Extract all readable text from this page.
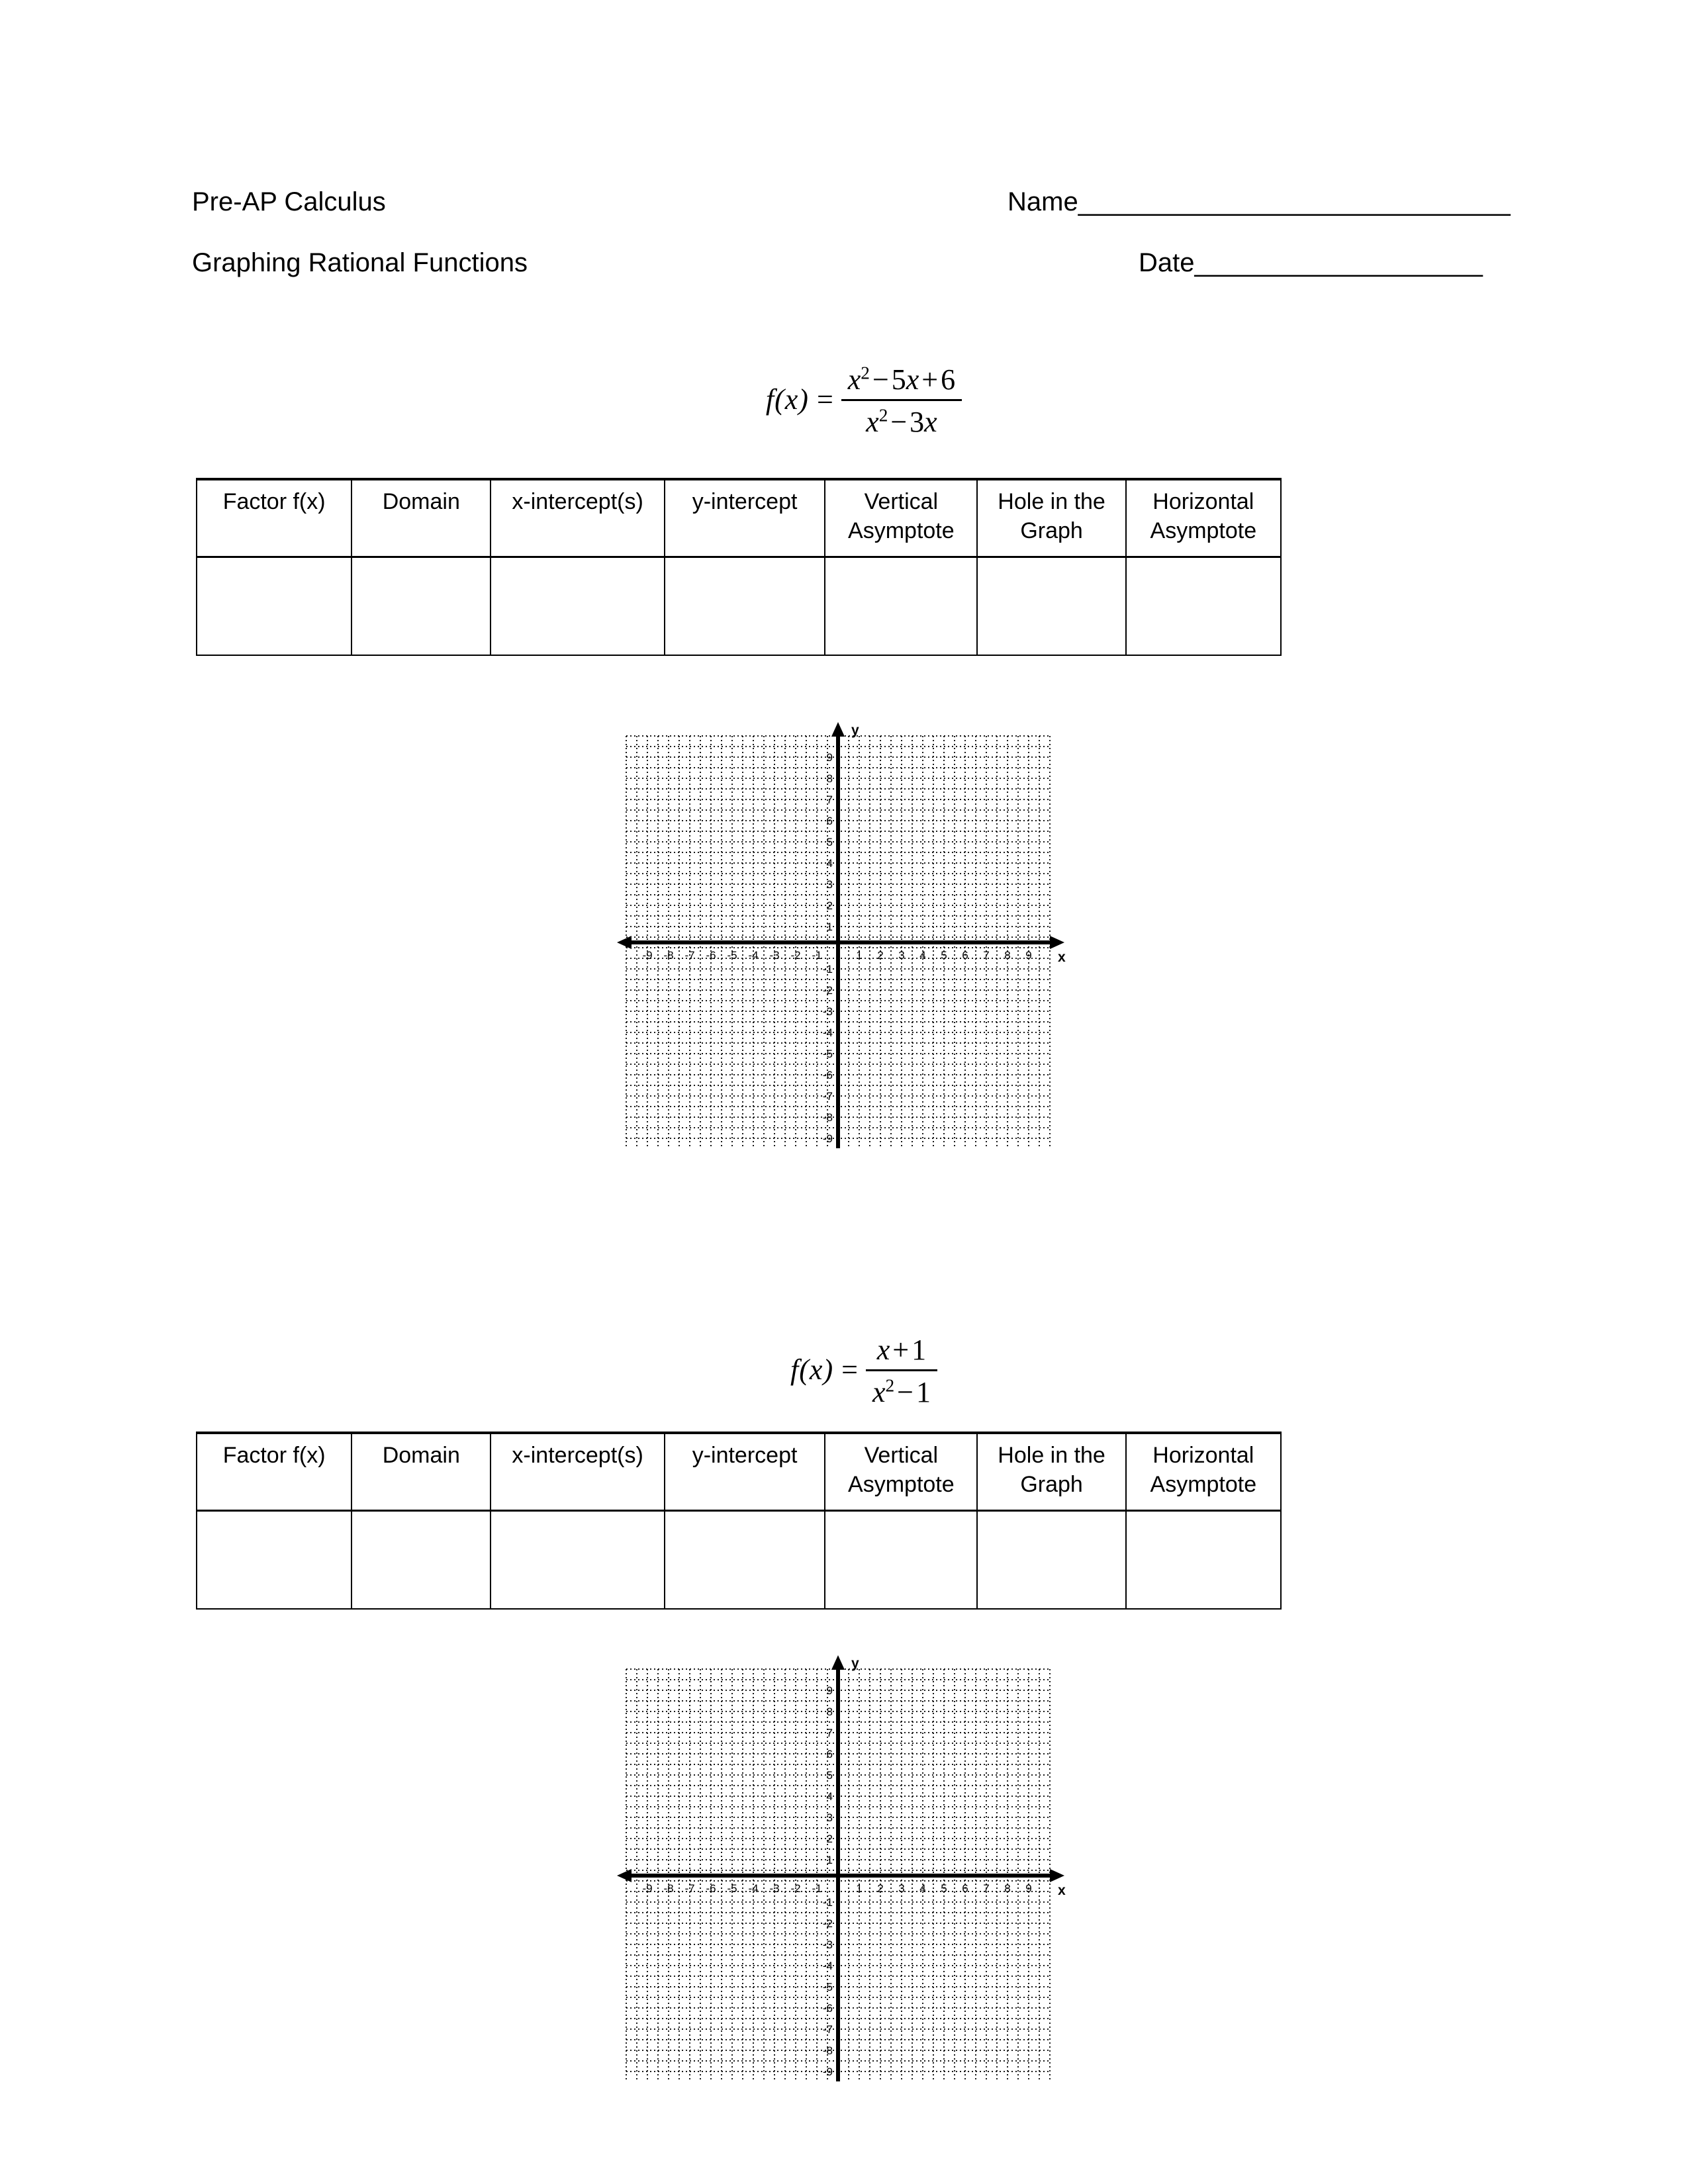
Pre-AP Calculus	Name______________________________
Graphing Rational Functions	Date____________________
$f(x) = \frac{x^2-5x+6}{x^2-3x}$
Factor f(x)	Domain	x-intercept(s)	y-intercept	Vertical Asymptote	Hole in the Graph	Horizontal Asymptote

-9 -8 -7 -6 -5 -4 -3 -2 -1	1 2 3 4 5 6 7 8 9
9
8
7
6
5
4
3
2
1
-1
-2
-3
-4
-5
-6
-7
-8
-9
y
x
$f(x) = \frac{x+1}{x^2-1}$
Factor f(x)	Domain	x-intercept(s)	y-intercept	Vertical Asymptote	Hole in the Graph	Horizontal Asymptote

-9 -8 -7 -6 -5 -4 -3 -2 -1	1 2 3 4 5 6 7 8 9
9
8
7
6
5
4
3
2
1
-1
-2
-3
-4
-5
-6
-7
-8
-9
y
x
